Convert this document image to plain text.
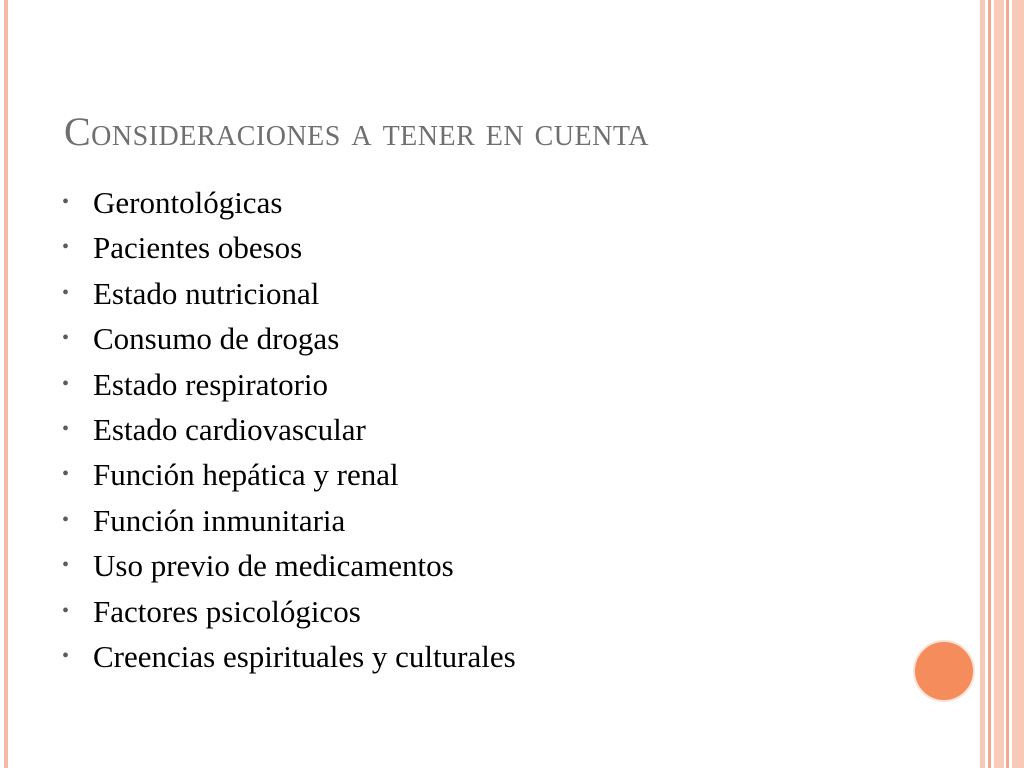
Consideraciones a tener en cuenta
• Gerontológicas
• Pacientes obesos
• Estado nutricional
• Consumo de drogas
• Estado respiratorio
• Estado cardiovascular
• Función hepática y renal
• Función inmunitaria
• Uso previo de medicamentos
• Factores psicológicos
• Creencias espirituales y culturales
